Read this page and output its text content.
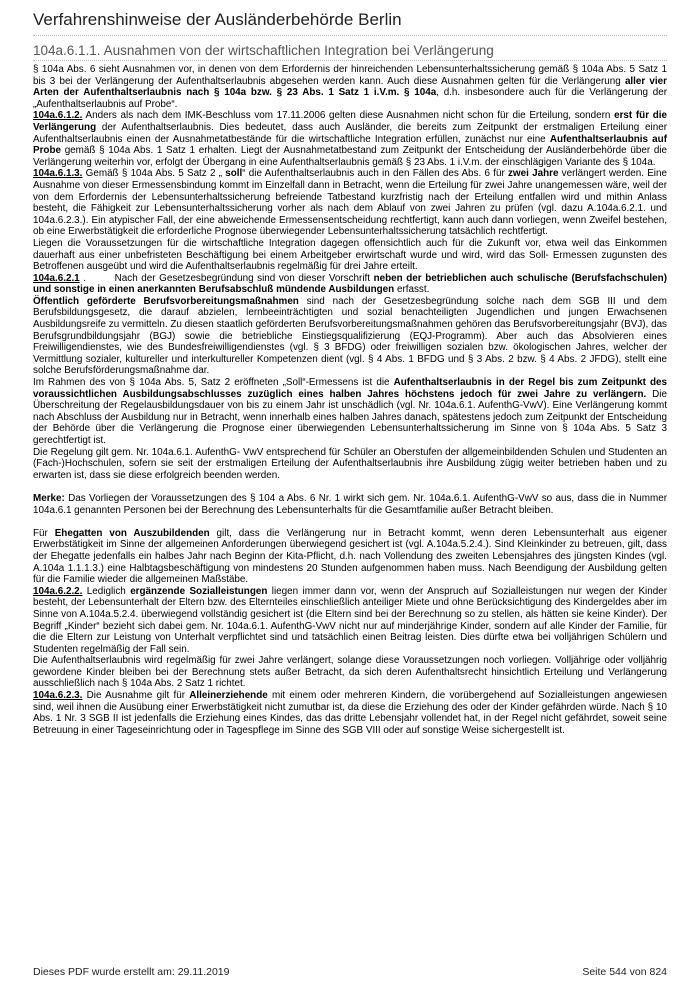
Verfahrenshinweise der Ausländerbehörde Berlin
104a.6.1.1. Ausnahmen von der wirtschaftlichen Integration bei Verlängerung

§ 104a Abs. 6 sieht Ausnahmen vor, in denen von dem Erfordernis der hinreichenden Lebensunterhaltssicherung gemäß § 104a Abs. 5 Satz 1 bis 3 bei der Verlängerung der Aufenthaltserlaubnis abgesehen werden kann. Auch diese Ausnahmen gelten für die Verlängerung aller vier Arten der Aufenthaltserlaubnis nach § 104a bzw. § 23 Abs. 1 Satz 1 i.V.m. § 104a, d.h. insbesondere auch für die Verlängerung der „Aufenthaltserlaubnis auf Probe“.

104a.6.1.2. Anders als nach dem IMK-Beschluss vom 17.11.2006 gelten diese Ausnahmen nicht schon für die Erteilung, sondern erst für die Verlängerung der Aufenthaltserlaubnis. Dies bedeutet, dass auch Ausländer, die bereits zum Zeitpunkt der erstmaligen Erteilung einer Aufenthaltserlaubnis einen der Ausnahmetatbestände für die wirtschaftliche Integration erfüllen, zunächst nur eine Aufenthaltserlaubnis auf Probe gemäß § 104a Abs. 1 Satz 1 erhalten. Liegt der Ausnahmetatbestand zum Zeitpunkt der Entscheidung der Ausländerbehörde über die Verlängerung weiterhin vor, erfolgt der Übergang in eine Aufenthaltserlaubnis gemäß § 23 Abs. 1 i.V.m. der einschlägigen Variante des § 104a.

104a.6.1.3. Gemäß § 104a Abs. 5 Satz 2 „ soll“ die Aufenthaltserlaubnis auch in den Fällen des Abs. 6 für zwei Jahre verlängert werden. Eine Ausnahme von dieser Ermessensbindung kommt im Einzelfall dann in Betracht, wenn die Erteilung für zwei Jahre unangemessen wäre, weil der von dem Erfordernis der Lebensunterhaltssicherung befreiende Tatbestand kurzfristig nach der Erteilung entfallen wird und mithin Anlass besteht, die Fähigkeit zur Lebensunterhaltssicherung vorher als nach dem Ablauf von zwei Jahren zu prüfen (vgl. dazu A.104a.6.2.1. und 104a.6.2.3.). Ein atypischer Fall, der eine abweichende Ermessensentscheidung rechtfertigt, kann auch dann vorliegen, wenn Zweifel bestehen, ob eine Erwerbstätigkeit die erforderliche Prognose überwiegender Lebensunterhaltssicherung tatsächlich rechtfertigt.

Liegen die Voraussetzungen für die wirtschaftliche Integration dagegen offensichtlich auch für die Zukunft vor, etwa weil das Einkommen dauerhaft aus einer unbefristeten Beschäftigung bei einem Arbeitgeber erwirtschaft wurde und wird, wird das Soll- Ermessen zugunsten des Betroffenen ausgeübt und wird die Aufenthaltserlaubnis regelmäßig für drei Jahre erteilt.

104a.6.2.1 .        Nach der Gesetzesbegründung sind von dieser Vorschrift neben der betrieblichen auch schulische (Berufsfachschulen) und sonstige in einen anerkannten Berufsabschluß mündende Ausbildungen erfasst.

Öffentlich geförderte Berufsvorbereitungsmaßnahmen sind nach der Gesetzesbegründung solche nach dem SGB III und dem Berufsbildungsgesetz, die darauf abzielen, lernbeeinträchtigten und sozial benachteiligten Jugendlichen und jungen Erwachsenen Ausbildungsreife zu vermitteln. Zu diesen staatlich geförderten Berufsvorbereitungsmaßnahmen gehören das Berufsvorbereitungsjahr (BVJ), das Berufsgrundbildungsjahr (BGJ) sowie die betriebliche Einstiegsqualifizierung (EQJ-Programm). Aber auch das Absolvieren eines Freiwilligendienstes, wie des Bundesfreiwilligendienstes (vgl. § 3 BFDG) oder freiwilligen sozialen bzw. ökologischen Jahres, welcher der Vermittlung sozialer, kultureller und interkultureller Kompetenzen dient (vgl. § 4 Abs. 1 BFDG und § 3 Abs. 2 bzw. § 4 Abs. 2 JFDG), stellt eine solche Berufsförderungsmaßnahme dar.

Im Rahmen des von § 104a Abs. 5, Satz 2 eröffneten „Soll“-Ermessens ist die Aufenthaltserlaubnis in der Regel bis zum Zeitpunkt des voraussichtlichen Ausbildungsabschlusses zuzüglich eines halben Jahres höchstens jedoch für zwei Jahre zu verlängern. Die Überschreitung der Regelausbildungsdauer von bis zu einem Jahr ist unschädlich (vgl. Nr. 104a.6.1. AufenthG-VwV). Eine Verlängerung kommt nach Abschluss der Ausbildung nur in Betracht, wenn innerhalb eines halben Jahres danach, spätestens jedoch zum Zeitpunkt der Entscheidung der Behörde über die Verlängerung die Prognose einer überwiegenden Lebensunterhaltssicherung im Sinne von § 104a Abs. 5 Satz 3 gerechtfertigt ist.

Die Regelung gilt gem. Nr. 104a.6.1. AufenthG- VwV entsprechend für Schüler an Oberstufen der allgemeinbildenden Schulen und Studenten an (Fach-)Hochschulen, sofern sie seit der erstmaligen Erteilung der Aufenthaltserlaubnis ihre Ausbildung zügig weiter betrieben haben und zu erwarten ist, dass sie diese erfolgreich beenden werden.

Merke: Das Vorliegen der Voraussetzungen des § 104 a Abs. 6 Nr. 1 wirkt sich gem. Nr. 104a.6.1. AufenthG-VwV so aus, dass die in Nummer 104a.6.1 genannten Personen bei der Berechnung des Lebensunterhalts für die Gesamtfamilie außer Betracht bleiben.

Für Ehegatten von Auszubildenden gilt, dass die Verlängerung nur in Betracht kommt, wenn deren Lebensunterhalt aus eigener Erwerbstätigkeit im Sinne der allgemeinen Anforderungen überwiegend gesichert ist (vgl. A.104a.5.2.4.). Sind Kleinkinder zu betreuen, gilt, dass der Ehegatte jedenfalls ein halbes Jahr nach Beginn der Kita-Pflicht, d.h. nach Vollendung des zweiten Lebensjahres des jüngsten Kindes (vgl. A.104a 1.1.1.3.) eine Halbtagsbeschäftigung von mindestens 20 Stunden aufgenommen haben muss. Nach Beendigung der Ausbildung gelten für die Familie wieder die allgemeinen Maßstäbe.

104a.6.2.2. Lediglich ergänzende Sozialleistungen liegen immer dann vor, wenn der Anspruch auf Sozialleistungen nur wegen der Kinder besteht, der Lebensunterhalt der Eltern bzw. des Elternteiles einschließlich anteiliger Miete und ohne Berücksichtigung des Kindergeldes aber im Sinne von A.104a.5.2.4. überwiegend vollständig gesichert ist (die Eltern sind bei der Berechnung so zu stellen, als hätten sie keine Kinder). Der Begriff „Kinder“ bezieht sich dabei gem. Nr. 104a.6.1. AufenthG-VwV nicht nur auf minderjährige Kinder, sondern auf alle Kinder der Familie, für die die Eltern zur Leistung von Unterhalt verpflichtet sind und tatsächlich einen Beitrag leisten. Dies dürfte etwa bei volljährigen Schülern und Studenten regelmäßig der Fall sein.

Die Aufenthaltserlaubnis wird regelmäßig für zwei Jahre verlängert, solange diese Voraussetzungen noch vorliegen. Volljährige oder volljährig gewordene Kinder bleiben bei der Berechnung stets außer Betracht, da sich deren Aufenthaltsrecht hinsichtlich Erteilung und Verlängerung ausschließlich nach § 104a Abs. 2 Satz 1 richtet.

104a.6.2.3. Die Ausnahme gilt für Alleinerziehende mit einem oder mehreren Kindern, die vorübergehend auf Sozialleistungen angewiesen sind, weil ihnen die Ausübung einer Erwerbstätigkeit nicht zumutbar ist, da diese die Erziehung des oder der Kinder gefährden würde. Nach § 10 Abs. 1 Nr. 3 SGB II ist jedenfalls die Erziehung eines Kindes, das das dritte Lebensjahr vollendet hat, in der Regel nicht gefährdet, soweit seine Betreuung in einer Tageseinrichtung oder in Tagespflege im Sinne des SGB VIII oder auf sonstige Weise sichergestellt ist.

Dieses PDF wurde erstellt am: 29.11.2019	Seite 544 von 824
